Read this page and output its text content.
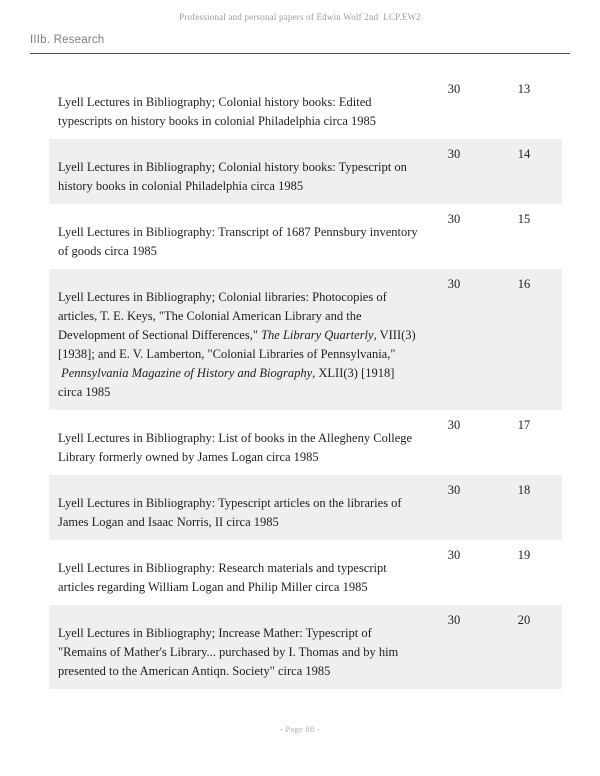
Professional and personal papers of Edwin Wolf 2nd  LCP.EW2
IIIb. Research
Lyell Lectures in Bibliography; Colonial history books: Edited typescripts on history books in colonial Philadelphia circa 1985
30	13
Lyell Lectures in Bibliography; Colonial history books: Typescript on history books in colonial Philadelphia circa 1985
30	14
Lyell Lectures in Bibliography: Transcript of 1687 Pennsbury inventory of goods circa 1985
30	15
Lyell Lectures in Bibliography; Colonial libraries: Photocopies of articles, T. E. Keys, "The Colonial American Library and the Development of Sectional Differences," The Library Quarterly, VIII(3) [1938]; and E. V. Lamberton, "Colonial Libraries of Pennsylvania,"  Pennsylvania Magazine of History and Biography, XLII(3) [1918] circa 1985
30	16
Lyell Lectures in Bibliography: List of books in the Allegheny College Library formerly owned by James Logan circa 1985
30	17
Lyell Lectures in Bibliography: Typescript articles on the libraries of James Logan and Isaac Norris, II circa 1985
30	18
Lyell Lectures in Bibliography: Research materials and typescript articles regarding William Logan and Philip Miller circa 1985
30	19
Lyell Lectures in Bibliography; Increase Mather: Typescript of "Remains of Mather's Library... purchased by I. Thomas and by him presented to the American Antiqn. Society" circa 1985
30	20
- Page 88 -
